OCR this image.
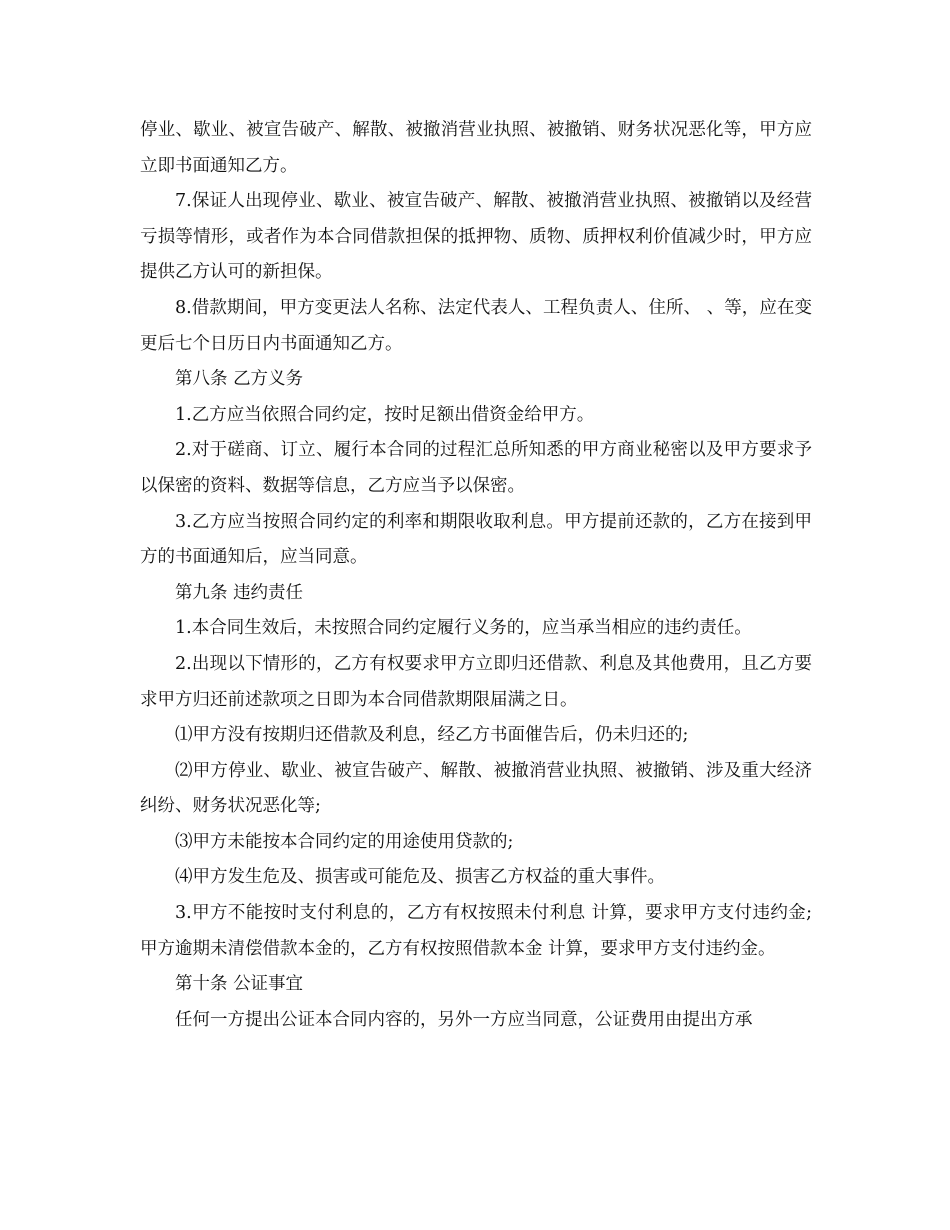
停业、歇业、被宣告破产、解散、被撤消营业执照、被撤销、财务状况恶化等，甲方应立即书面通知乙方。

7.保证人出现停业、歇业、被宣告破产、解散、被撤消营业执照、被撤销以及经营亏损等情形，或者作为本合同借款担保的抵押物、质物、质押权利价值减少时，甲方应提供乙方认可的新担保。

8.借款期间，甲方变更法人名称、法定代表人、工程负责人、住所、 、等，应在变更后七个日历日内书面通知乙方。

第八条 乙方义务

1.乙方应当依照合同约定，按时足额出借资金给甲方。

2.对于磋商、订立、履行本合同的过程汇总所知悉的甲方商业秘密以及甲方要求予以保密的资料、数据等信息，乙方应当予以保密。

3.乙方应当按照合同约定的利率和期限收取利息。甲方提前还款的，乙方在接到甲方的书面通知后，应当同意。

第九条 违约责任

1.本合同生效后，未按照合同约定履行义务的，应当承当相应的违约责任。

2.出现以下情形的，乙方有权要求甲方立即归还借款、利息及其他费用，且乙方要求甲方归还前述款项之日即为本合同借款期限届满之日。

⑴甲方没有按期归还借款及利息，经乙方书面催告后，仍未归还的;

⑵甲方停业、歇业、被宣告破产、解散、被撤消营业执照、被撤销、涉及重大经济纠纷、财务状况恶化等;

⑶甲方未能按本合同约定的用途使用贷款的;

⑷甲方发生危及、损害或可能危及、损害乙方权益的重大事件。

3.甲方不能按时支付利息的，乙方有权按照未付利息 计算，要求甲方支付违约金;甲方逾期未清偿借款本金的，乙方有权按照借款本金 计算，要求甲方支付违约金。

第十条 公证事宜

任何一方提出公证本合同内容的，另外一方应当同意，公证费用由提出方承
